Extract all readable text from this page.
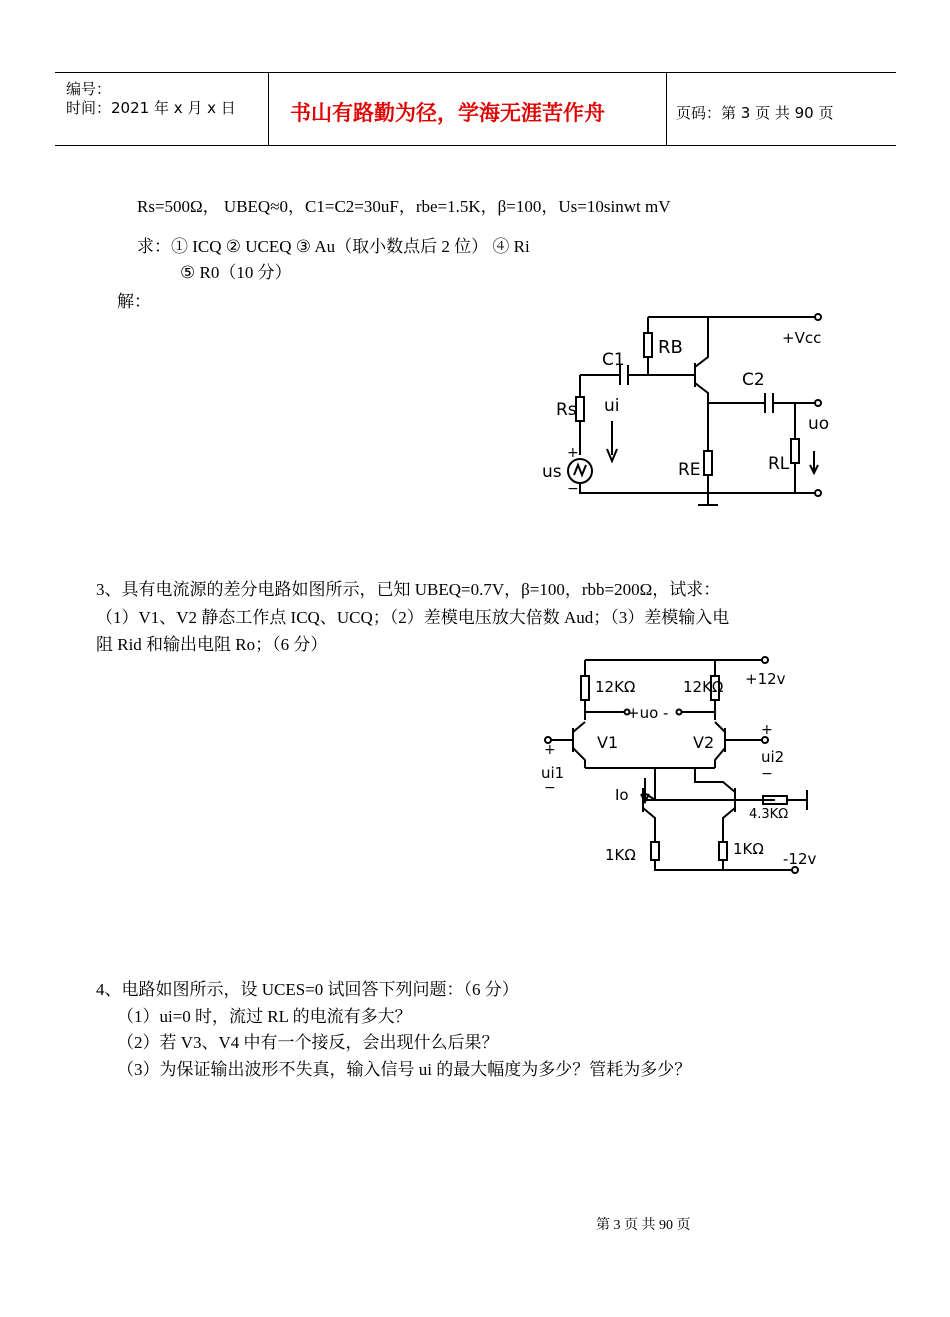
编号：
时间：2021 年 x 月 x 日	书山有路勤为径，学海无涯苦作舟	页码：第 3 页 共 90 页
Rs=500Ω， UBEQ≈0，C1=C2=30uF，rbe=1.5K，β=100，Us=10sinwt mV
求：① ICQ ② UCEQ ③ Au（取小数点后 2 位） ④ Ri
⑤ R0（10 分）
解：
RB	+Vcc
C1
C2
Rs ui
uo
us	RE	RL
+
−
3、具有电流源的差分电路如图所示，已知 UBEQ=0.7V，β=100，rbb=200Ω，试求：
（1）V1、V2 静态工作点 ICQ、UCQ；（2）差模电压放大倍数 Aud；（3）差模输入电
阻 Rid 和输出电阻 Ro；（6 分）
12KΩ	12KΩ +12v
+uo -
V1	V2
ui1
ui2
Io
4.3KΩ
1KΩ	1KΩ
-12v
+
−
+
−
4、电路如图所示，设 UCES=0 试回答下列问题：（6 分）
（1）ui=0 时，流过 RL 的电流有多大？
（2）若 V3、V4 中有一个接反，会出现什么后果？
（3）为保证输出波形不失真，输入信号 ui 的最大幅度为多少？管耗为多少？
第 3 页 共 90 页
